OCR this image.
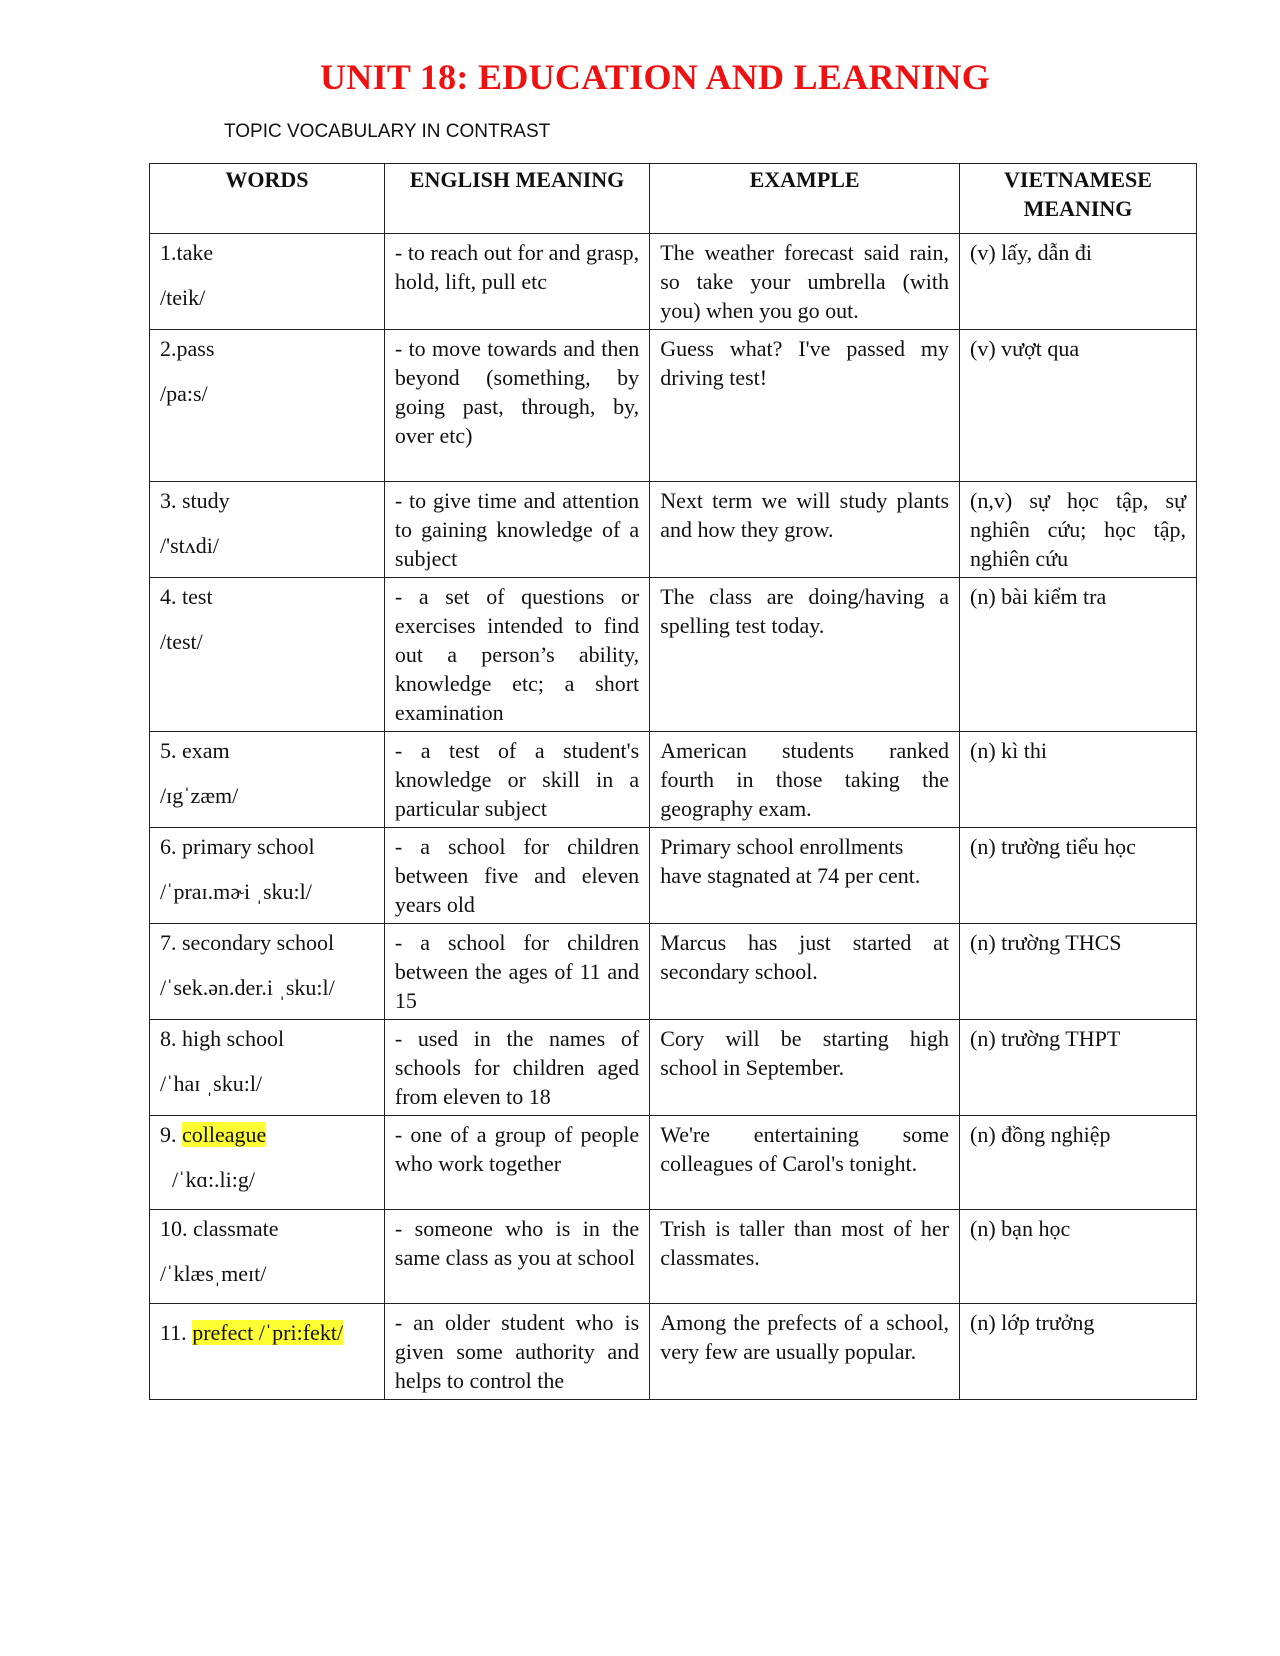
UNIT 18: EDUCATION AND LEARNING
TOPIC VOCABULARY IN CONTRAST
WORDS	ENGLISH MEANING	EXAMPLE	VIETNAMESE MEANING

1.take
/teik/	- to reach out for and grasp, hold, lift, pull etc	The weather forecast said rain, so take your umbrella (with you) when you go out.	(v) lấy, dẫn đi

2.pass
/pa:s/	- to move towards and then beyond (something, by going past, through, by, over etc)	Guess what? I've passed my driving test!	(v) vượt qua

3. study
/'stʌdi/	- to give time and attention to gaining knowledge of a subject	Next term we will study plants and how they grow.	(n,v) sự học tập, sự nghiên cứu; học tập, nghiên cứu

4. test
/test/	- a set of questions or exercises intended to find out a person’s ability, knowledge etc; a short examination	The class are doing/having a spelling test today.	(n) bài kiểm tra

5. exam
/ɪgˈzæm/	- a test of a student's knowledge or skill in a particular subject	American students ranked fourth in those taking the geography exam.	(n) kì thi

6. primary school
/ˈpraɪ.mɚi ˌsku:l/	- a school for children between five and eleven years old	Primary school enrollments have stagnated at 74 per cent.	(n) trường tiểu học

7. secondary school
/ˈsek.ən.der.i ˌsku:l/	- a school for children between the ages of 11 and 15	Marcus has just started at secondary school.	(n) trường THCS

8. high school
/ˈhaɪ ˌsku:l/	- used in the names of schools for children aged from eleven to 18	Cory will be starting high school in September.	(n) trường THPT

9. colleague
/ˈkɑ:.li:g/	- one of a group of people who work together	We're entertaining some colleagues of Carol's tonight.	(n) đồng nghiệp

10. classmate
/ˈklæsˌmeɪt/	- someone who is in the same class as you at school	Trish is taller than most of her classmates.	(n) bạn học

11. prefect /ˈpri:fekt/	- an older student who is given some authority and helps to control the	Among the prefects of a school, very few are usually popular.	(n) lớp trưởng
